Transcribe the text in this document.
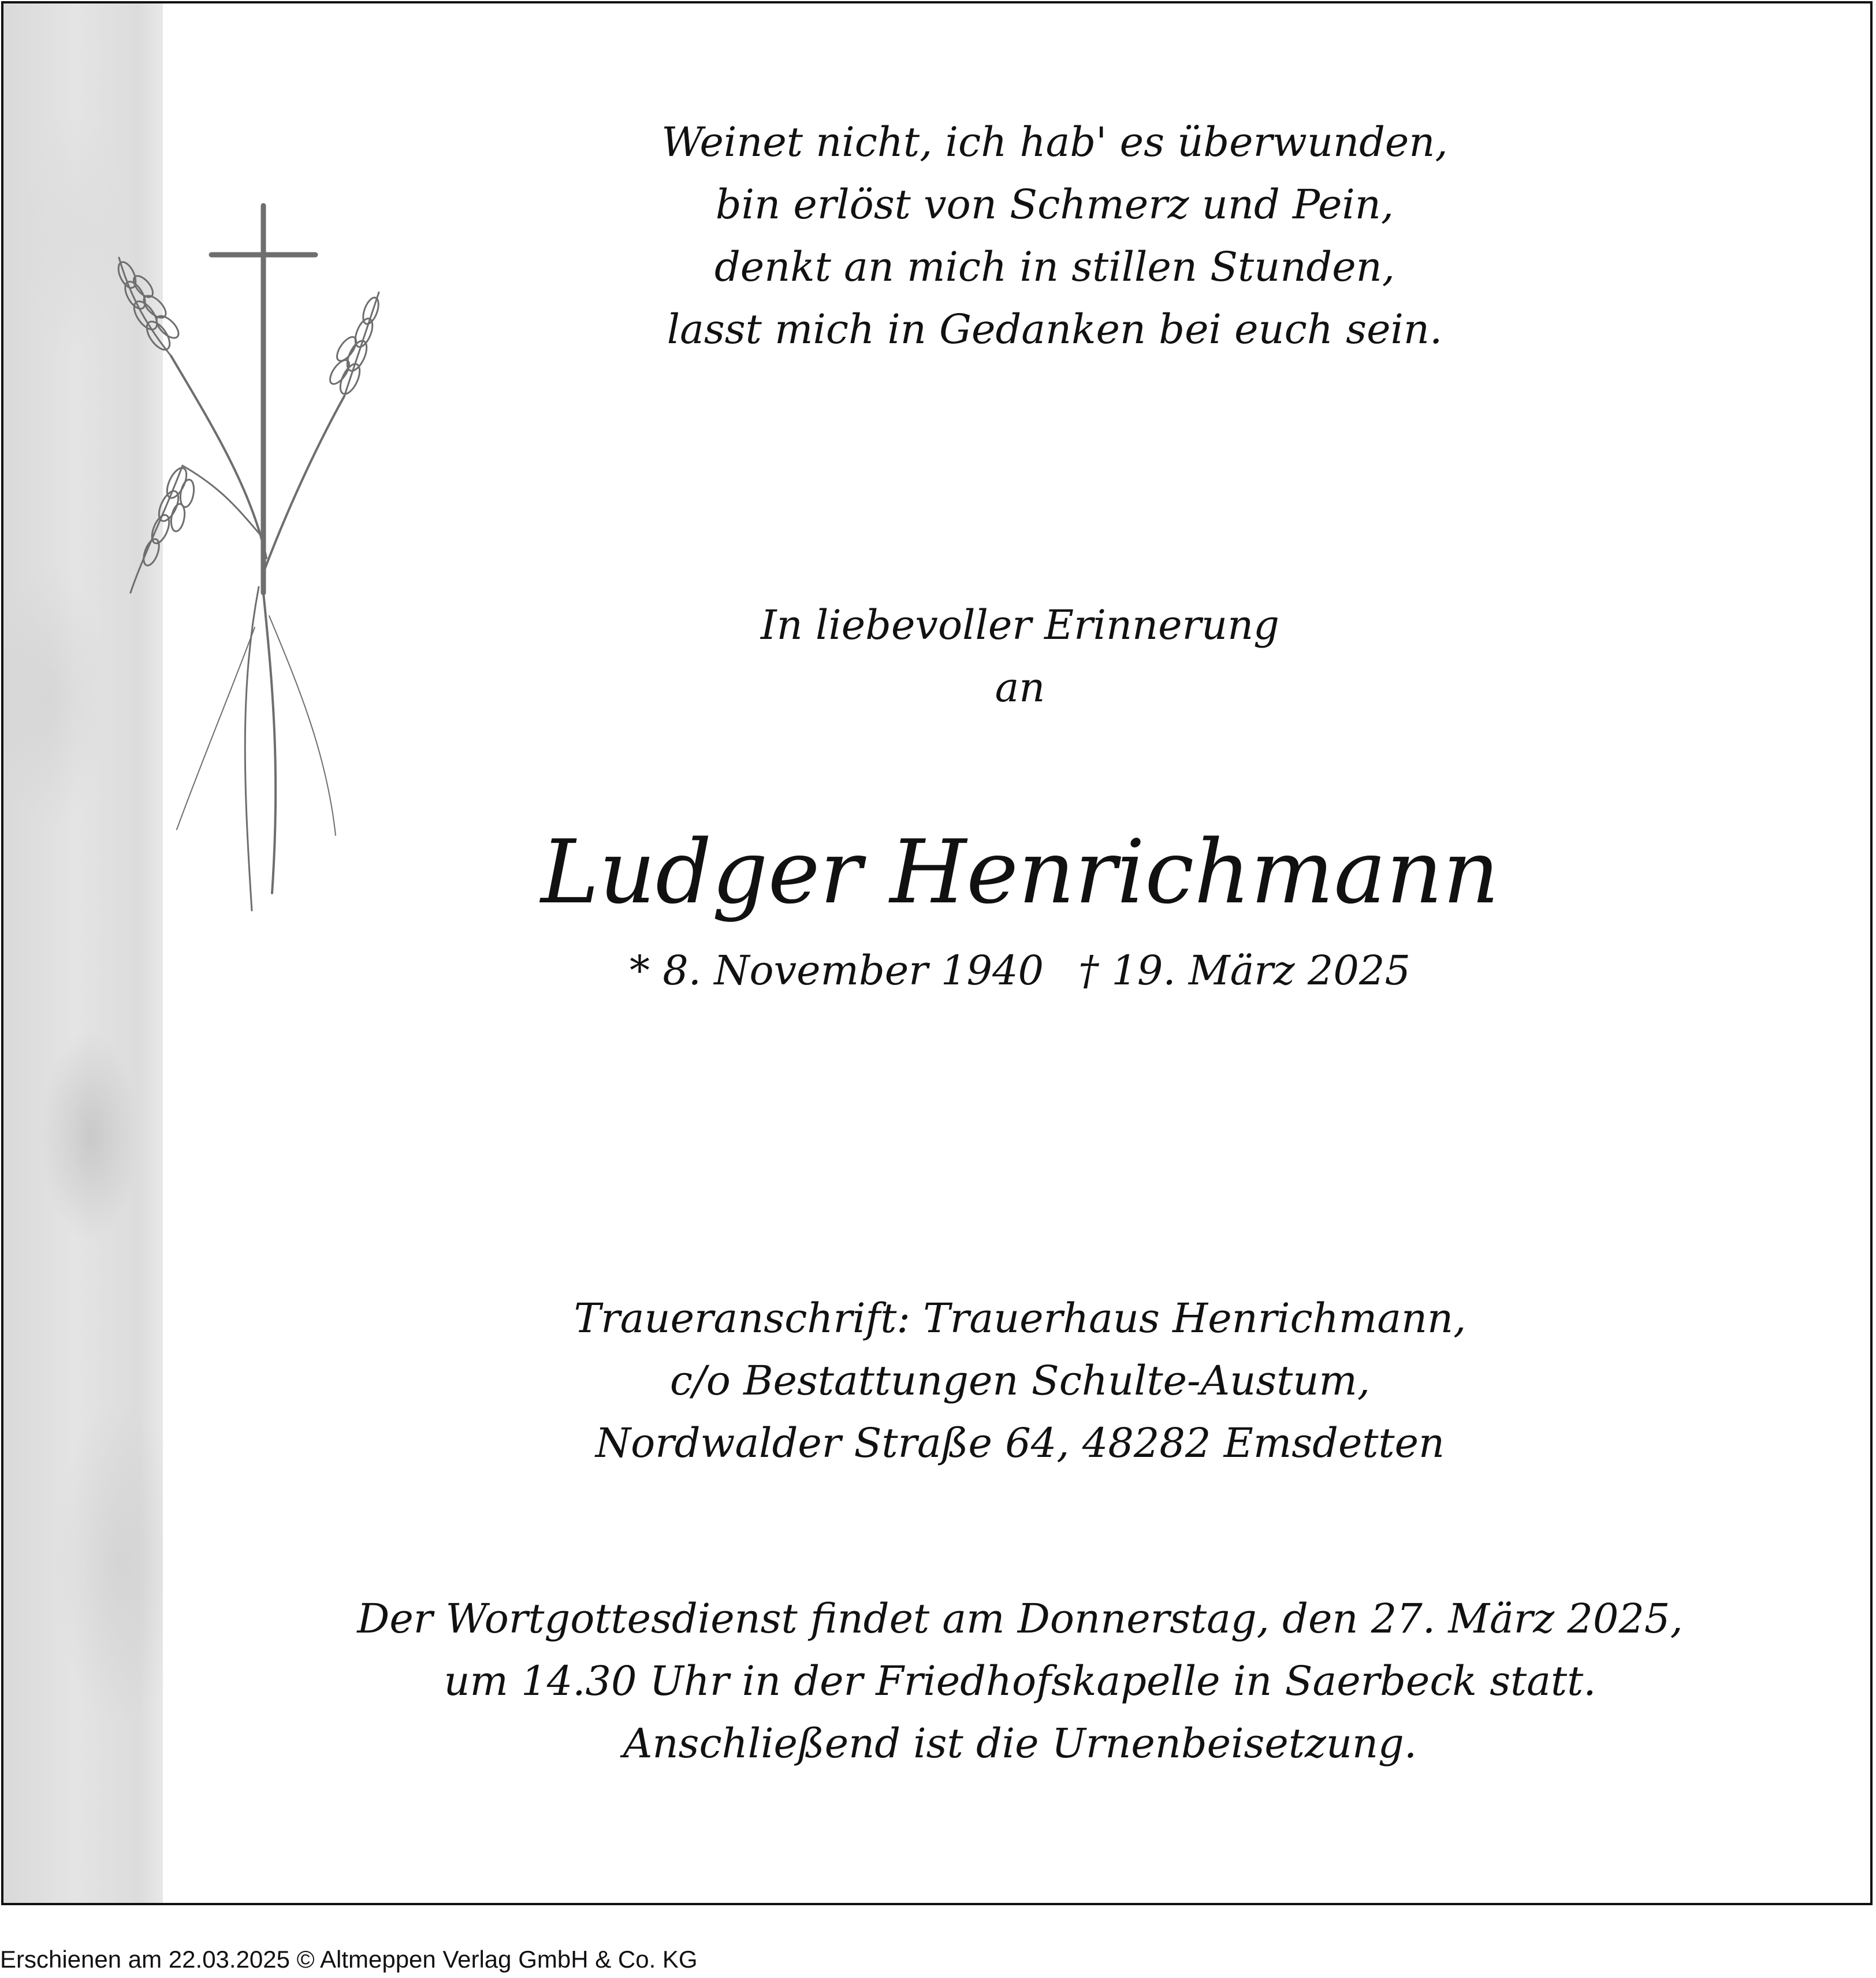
Weinet nicht, ich hab' es überwunden,
bin erlöst von Schmerz und Pein,
denkt an mich in stillen Stunden,
lasst mich in Gedanken bei euch sein.
In liebevoller Erinnerung
an
Ludger Henrichmann
* 8. November 1940 † 19. März 2025
Traueranschrift: Trauerhaus Henrichmann,
c/o Bestattungen Schulte-Austum,
Nordwalder Straße 64, 48282 Emsdetten
Der Wortgottesdienst findet am Donnerstag, den 27. März 2025,
um 14.30 Uhr in der Friedhofskapelle in Saerbeck statt.
Anschließend ist die Urnenbeisetzung.
Erschienen am 22.03.2025 © Altmeppen Verlag GmbH & Co. KG
